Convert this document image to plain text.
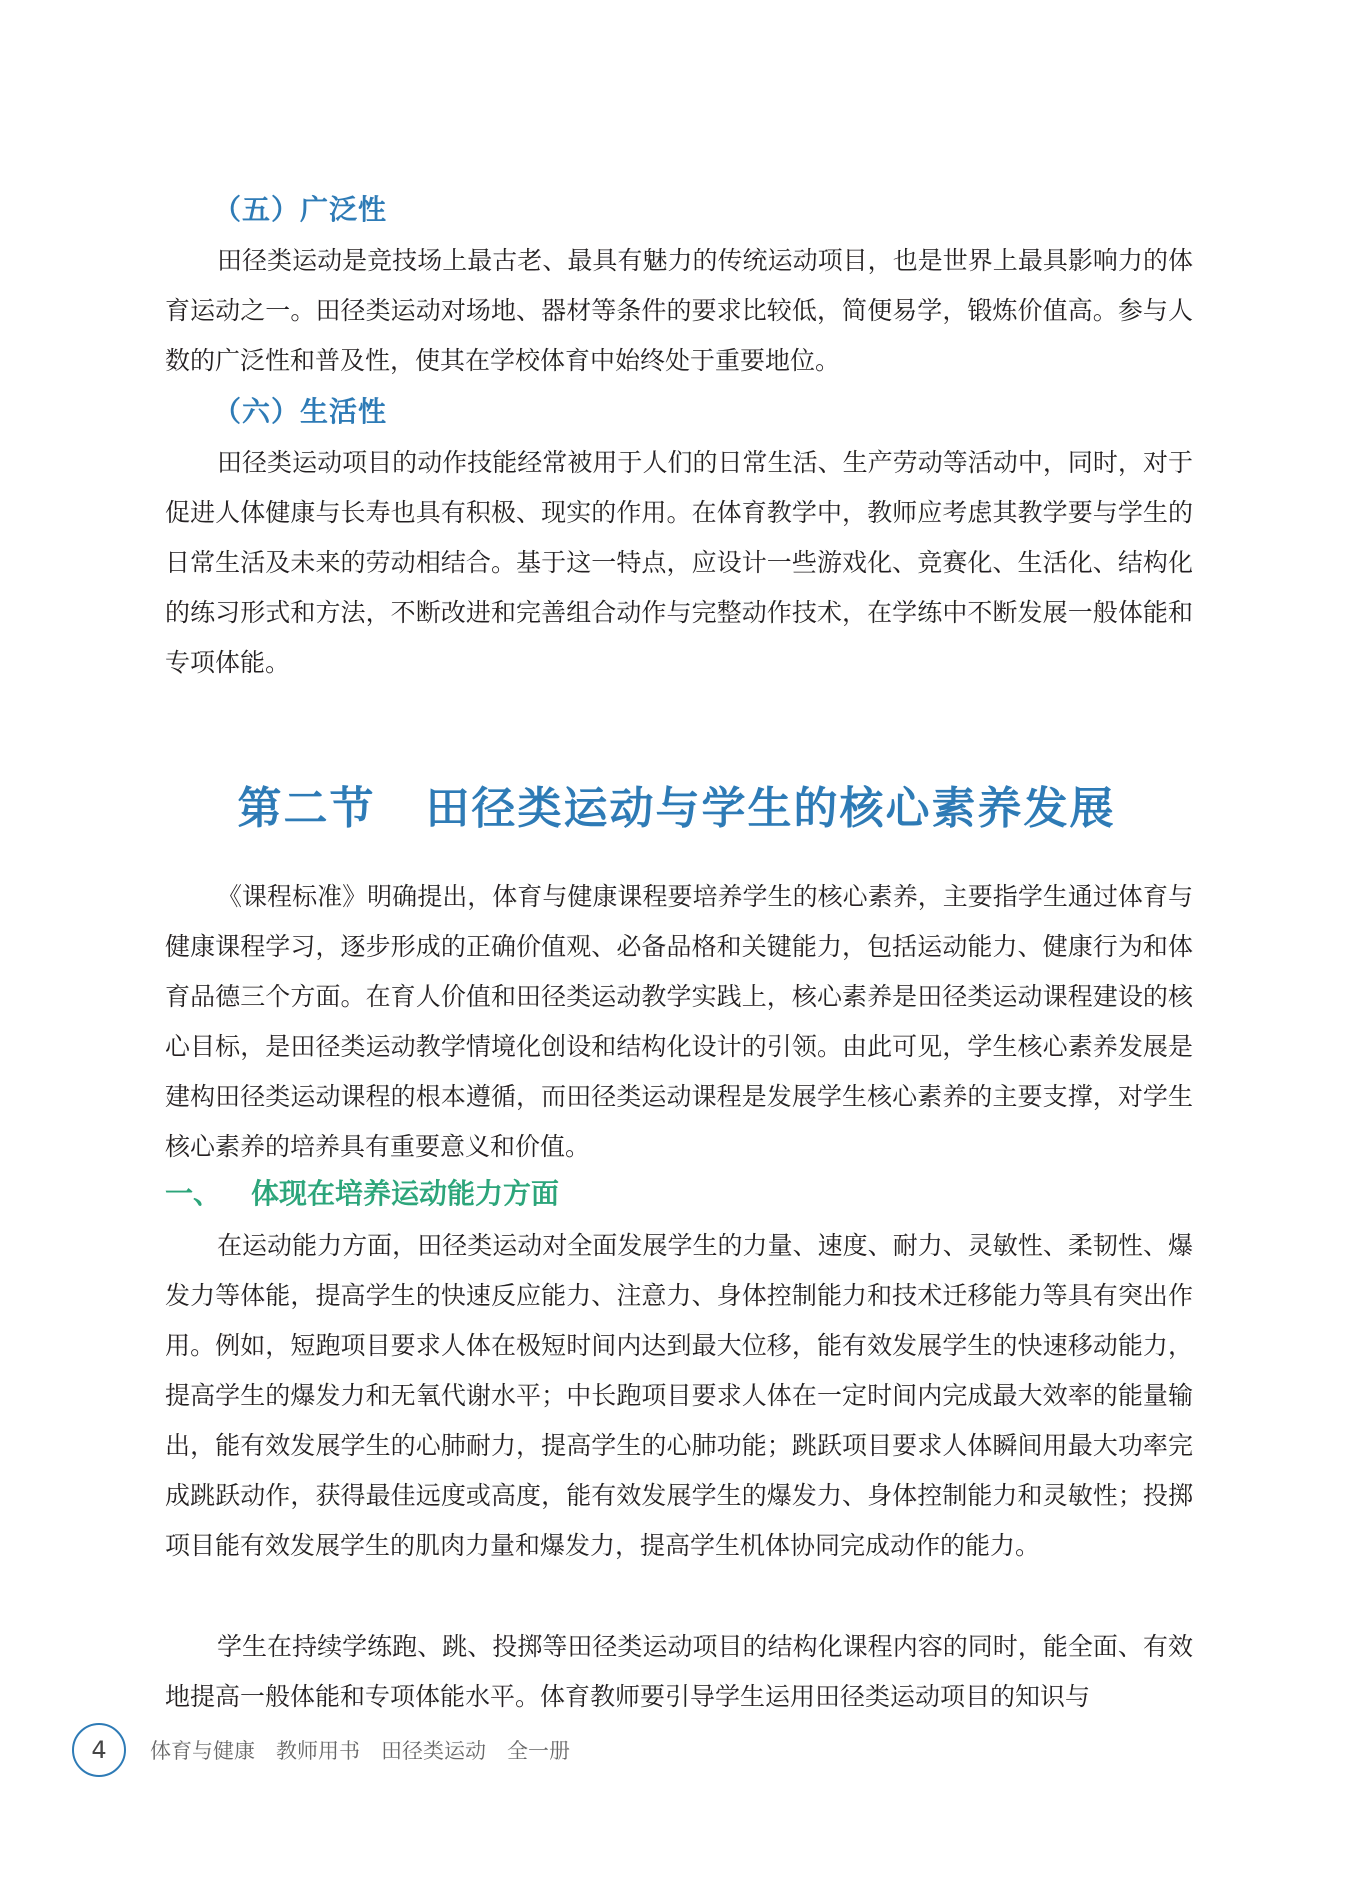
（五）广泛性

田径类运动是竞技场上最古老、最具有魅力的传统运动项目，也是世界上最具影响力的体育运动之一。田径类运动对场地、器材等条件的要求比较低，简便易学，锻炼价值高。参与人数的广泛性和普及性，使其在学校体育中始终处于重要地位。

（六）生活性

田径类运动项目的动作技能经常被用于人们的日常生活、生产劳动等活动中，同时，对于促进人体健康与长寿也具有积极、现实的作用。在体育教学中，教师应考虑其教学要与学生的日常生活及未来的劳动相结合。基于这一特点，应设计一些游戏化、竞赛化、生活化、结构化的练习形式和方法，不断改进和完善组合动作与完整动作技术，在学练中不断发展一般体能和专项体能。

第二节 田径类运动与学生的核心素养发展

《课程标准》明确提出，体育与健康课程要培养学生的核心素养，主要指学生通过体育与健康课程学习，逐步形成的正确价值观、必备品格和关键能力，包括运动能力、健康行为和体育品德三个方面。在育人价值和田径类运动教学实践上，核心素养是田径类运动课程建设的核心目标，是田径类运动教学情境化创设和结构化设计的引领。由此可见，学生核心素养发展是建构田径类运动课程的根本遵循，而田径类运动课程是发展学生核心素养的主要支撑，对学生核心素养的培养具有重要意义和价值。

一、 体现在培养运动能力方面

在运动能力方面，田径类运动对全面发展学生的力量、速度、耐力、灵敏性、柔韧性、爆发力等体能，提高学生的快速反应能力、注意力、身体控制能力和技术迁移能力等具有突出作用。例如，短跑项目要求人体在极短时间内达到最大位移，能有效发展学生的快速移动能力，提高学生的爆发力和无氧代谢水平；中长跑项目要求人体在一定时间内完成最大效率的能量输出，能有效发展学生的心肺耐力，提高学生的心肺功能；跳跃项目要求人体瞬间用最大功率完成跳跃动作，获得最佳远度或高度，能有效发展学生的爆发力、身体控制能力和灵敏性；投掷项目能有效发展学生的肌肉力量和爆发力，提高学生机体协同完成动作的能力。

学生在持续学练跑、跳、投掷等田径类运动项目的结构化课程内容的同时，能全面、有效地提高一般体能和专项体能水平。体育教师要引导学生运用田径类运动项目的知识与

4	体育与健康　教师用书　田径类运动　全一册
